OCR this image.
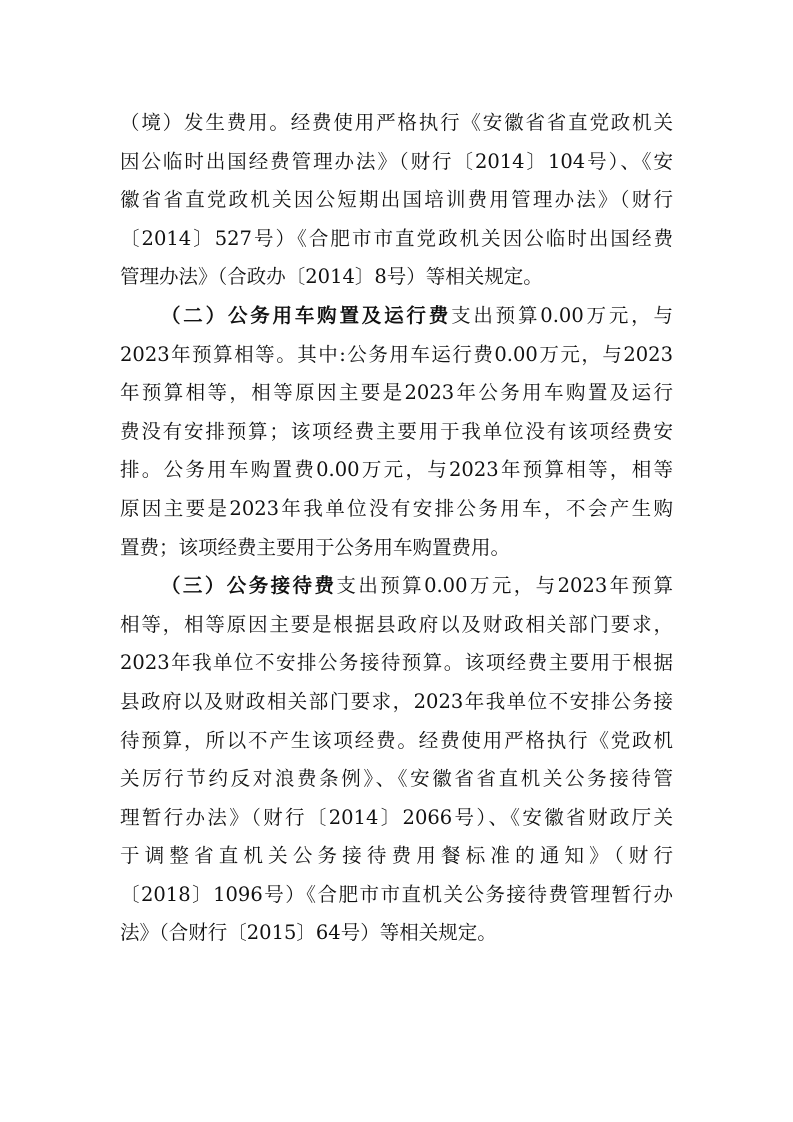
（境）发生费用。经费使用严格执行《安徽省省直党政机关
因公临时出国经费管理办法》（财行〔2014〕104号）、《安
徽省省直党政机关因公短期出国培训费用管理办法》（财行
〔2014〕527号）《合肥市市直党政机关因公临时出国经费
管理办法》（合政办〔2014〕8号）等相关规定。
（二）公务用车购置及运行费支出预算0.00万元，与
2023年预算相等。其中:公务用车运行费0.00万元，与2023
年预算相等，相等原因主要是2023年公务用车购置及运行
费没有安排预算；该项经费主要用于我单位没有该项经费安
排。公务用车购置费0.00万元，与2023年预算相等，相等
原因主要是2023年我单位没有安排公务用车，不会产生购
置费；该项经费主要用于公务用车购置费用。
（三）公务接待费支出预算0.00万元，与2023年预算
相等，相等原因主要是根据县政府以及财政相关部门要求，
2023年我单位不安排公务接待预算。该项经费主要用于根据
县政府以及财政相关部门要求，2023年我单位不安排公务接
待预算，所以不产生该项经费。经费使用严格执行《党政机
关厉行节约反对浪费条例》、《安徽省省直机关公务接待管
理暂行办法》（财行〔2014〕2066号）、《安徽省财政厅关
于调整省直机关公务接待费用餐标准的通知》（财行
〔2018〕1096号）《合肥市市直机关公务接待费管理暂行办
法》（合财行〔2015〕64号）等相关规定。
